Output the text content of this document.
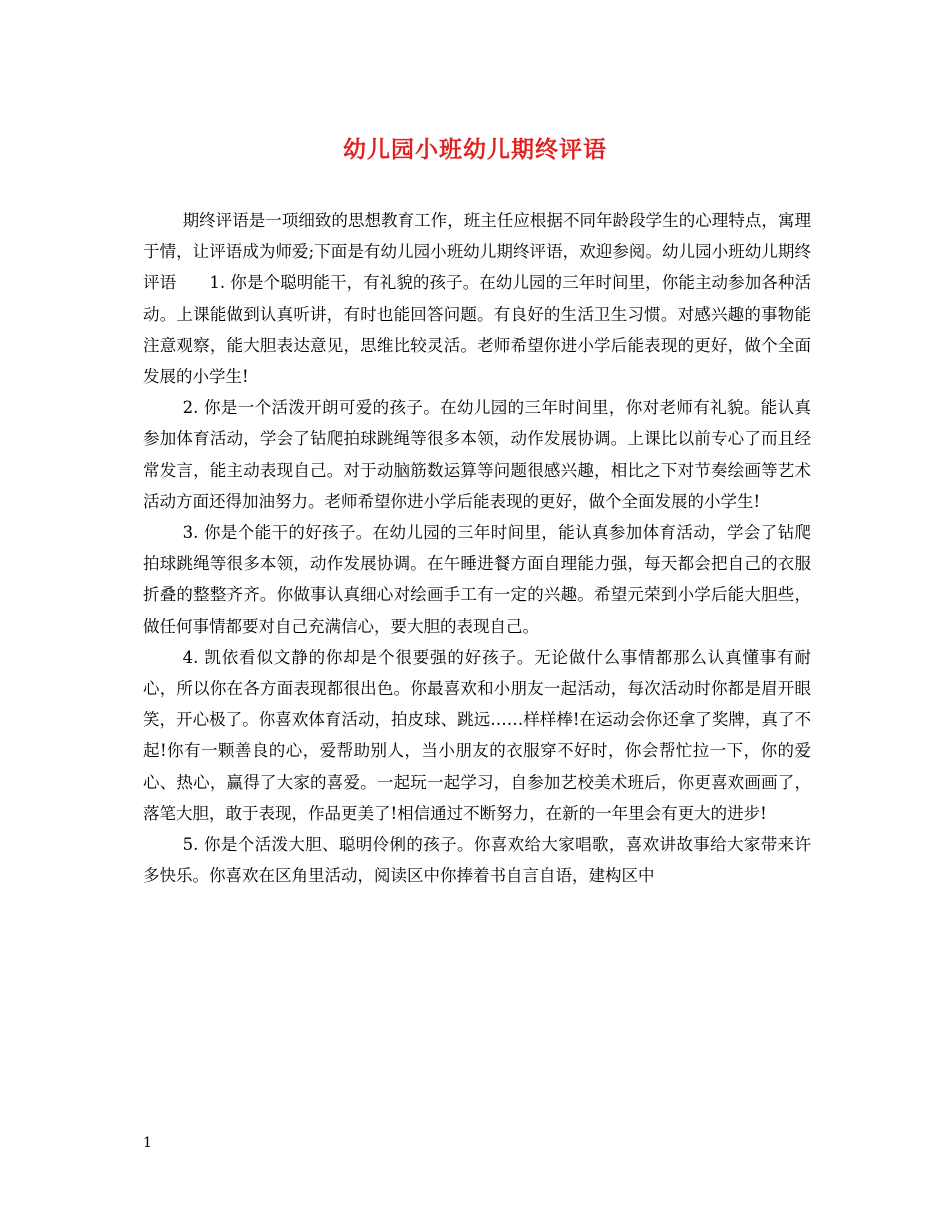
幼儿园小班幼儿期终评语

期终评语是一项细致的思想教育工作，班主任应根据不同年龄段学生的心理特点，寓理于情，让评语成为师爱;下面是有幼儿园小班幼儿期终评语，欢迎参阅。幼儿园小班幼儿期终评语　　1. 你是个聪明能干，有礼貌的孩子。在幼儿园的三年时间里，你能主动参加各种活动。上课能做到认真听讲，有时也能回答问题。有良好的生活卫生习惯。对感兴趣的事物能注意观察，能大胆表达意见，思维比较灵活。老师希望你进小学后能表现的更好，做个全面发展的小学生!

2. 你是一个活泼开朗可爱的孩子。在幼儿园的三年时间里，你对老师有礼貌。能认真参加体育活动，学会了钻爬拍球跳绳等很多本领，动作发展协调。上课比以前专心了而且经常发言，能主动表现自己。对于动脑筋数运算等问题很感兴趣，相比之下对节奏绘画等艺术活动方面还得加油努力。老师希望你进小学后能表现的更好，做个全面发展的小学生!

3. 你是个能干的好孩子。在幼儿园的三年时间里，能认真参加体育活动，学会了钻爬拍球跳绳等很多本领，动作发展协调。在午睡进餐方面自理能力强，每天都会把自己的衣服折叠的整整齐齐。你做事认真细心对绘画手工有一定的兴趣。希望元荣到小学后能大胆些，做任何事情都要对自己充满信心，要大胆的表现自己。

4. 凯依看似文静的你却是个很要强的好孩子。无论做什么事情都那么认真懂事有耐心，所以你在各方面表现都很出色。你最喜欢和小朋友一起活动，每次活动时你都是眉开眼笑，开心极了。你喜欢体育活动，拍皮球、跳远……样样棒!在运动会你还拿了奖牌，真了不起!你有一颗善良的心，爱帮助别人，当小朋友的衣服穿不好时，你会帮忙拉一下，你的爱心、热心，赢得了大家的喜爱。一起玩一起学习，自参加艺校美术班后，你更喜欢画画了，落笔大胆，敢于表现，作品更美了!相信通过不断努力，在新的一年里会有更大的进步!

5. 你是个活泼大胆、聪明伶俐的孩子。你喜欢给大家唱歌，喜欢讲故事给大家带来许多快乐。你喜欢在区角里活动，阅读区中你捧着书自言自语，建构区中

1
